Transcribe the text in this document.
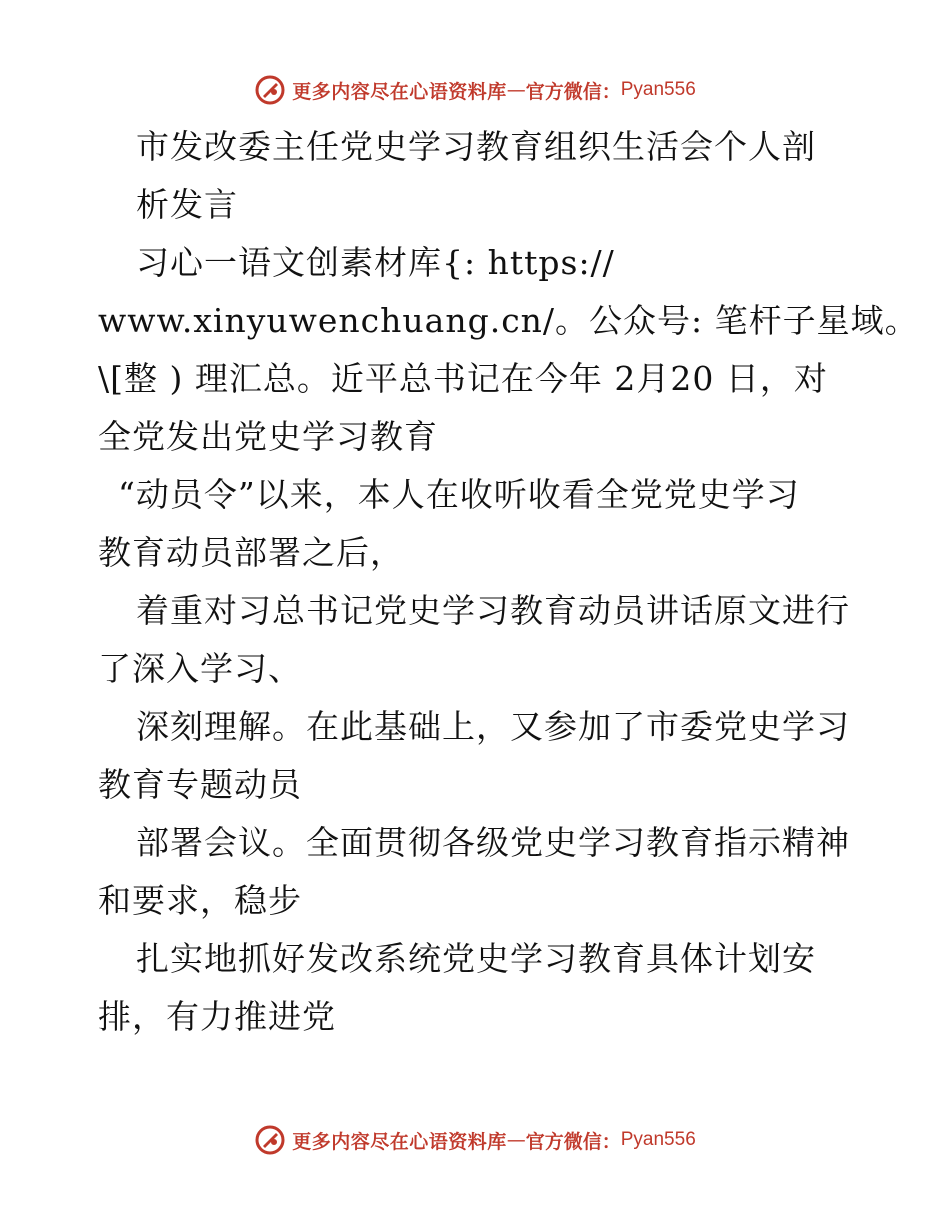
更多内容尽在心语资料库 — 官方微信： Pyan556
市发改委主任党史学习教育组织生活会个人剖
析发言
习心一语文创素材库{: https://
www.xinyuwenchuang.cn/。公众号: 笔杆子星域。
\[整 ) 理汇总。近平总书记在今年 2月20 日，对
全党发出党史学习教育
“动员令”以来，本人在收听收看全党党史学习
教育动员部署之后，
着重对习总书记党史学习教育动员讲话原文进行
了深入学习、
深刻理解。在此基础上，又参加了市委党史学习
教育专题动员
部署会议。全面贯彻各级党史学习教育指示精神
和要求，稳步
扎实地抓好发改系统党史学习教育具体计划安
排，有力推进党
更多内容尽在心语资料库 — 官方微信： Pyan556
